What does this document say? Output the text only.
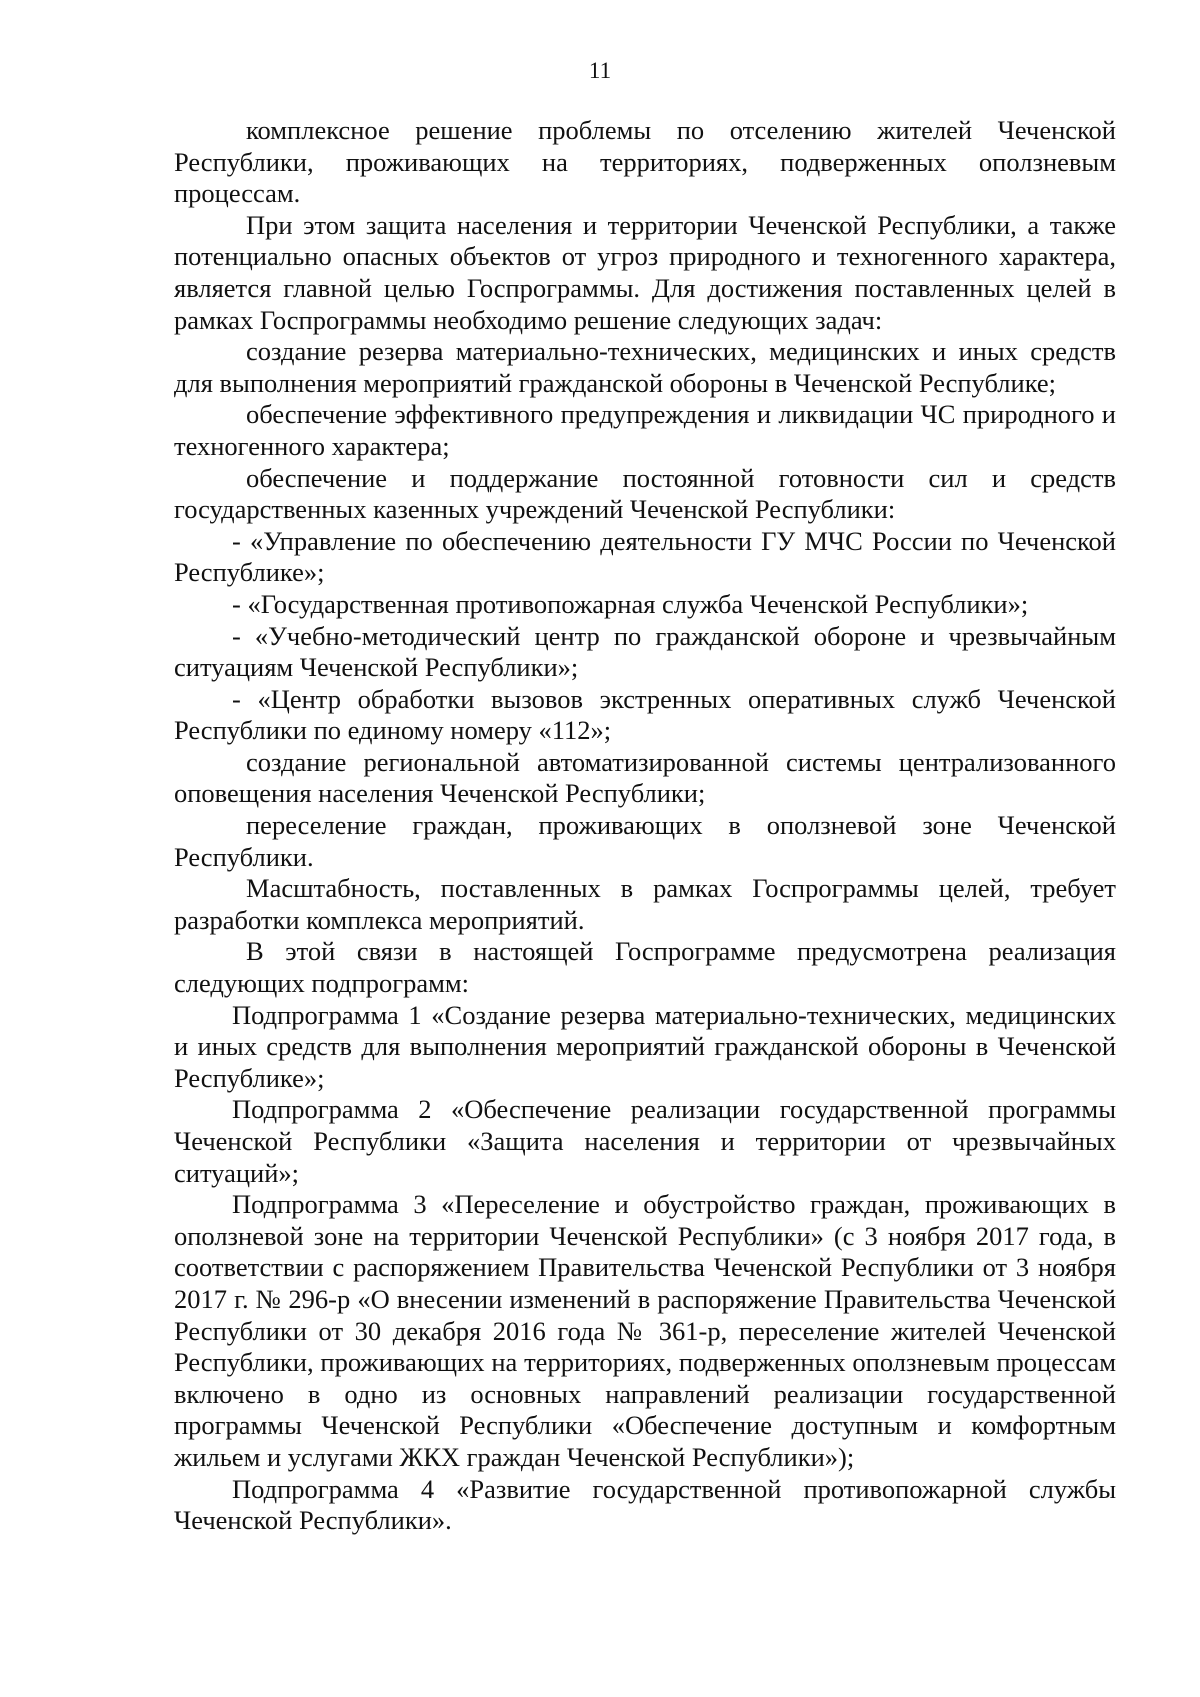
11

комплексное решение проблемы по отселению жителей Чеченской Республики, проживающих на территориях, подверженных оползневым процессам.

При этом защита населения и территории Чеченской Республики, а также потенциально опасных объектов от угроз природного и техногенного характера, является главной целью Госпрограммы. Для достижения поставленных целей в рамках Госпрограммы необходимо решение следующих задач:

создание резерва материально-технических, медицинских и иных средств для выполнения мероприятий гражданской обороны в Чеченской Республике;

обеспечение эффективного предупреждения и ликвидации ЧС природного и техногенного характера;

обеспечение и поддержание постоянной готовности сил и средств государственных казенных учреждений Чеченской Республики:

- «Управление по обеспечению деятельности ГУ МЧС России по Чеченской Республике»;

- «Государственная противопожарная служба Чеченской Республики»;

- «Учебно-методический центр по гражданской обороне и чрезвычайным ситуациям Чеченской Республики»;

- «Центр обработки вызовов экстренных оперативных служб Чеченской Республики по единому номеру «112»;

создание региональной автоматизированной системы централизованного оповещения населения Чеченской Республики;

переселение граждан, проживающих в оползневой зоне Чеченской Республики.

Масштабность, поставленных в рамках Госпрограммы целей, требует разработки комплекса мероприятий.

В этой связи в настоящей Госпрограмме предусмотрена реализация следующих подпрограмм:

Подпрограмма 1 «Создание резерва материально-технических, медицинских и иных средств для выполнения мероприятий гражданской обороны в Чеченской Республике»;

Подпрограмма 2 «Обеспечение реализации государственной программы Чеченской Республики «Защита населения и территории от чрезвычайных ситуаций»;

Подпрограмма 3 «Переселение и обустройство граждан, проживающих в оползневой зоне на территории Чеченской Республики» (с 3 ноября 2017 года, в соответствии с распоряжением Правительства Чеченской Республики от 3 ноября 2017 г. № 296-р «О внесении изменений в распоряжение Правительства Чеченской Республики от 30 декабря 2016 года № 361-р, переселение жителей Чеченской Республики, проживающих на территориях, подверженных оползневым процессам включено в одно из основных направлений реализации государственной программы Чеченской Республики «Обеспечение доступным и комфортным жильем и услугами ЖКХ граждан Чеченской Республики»);

Подпрограмма 4 «Развитие государственной противопожарной службы Чеченской Республики».
